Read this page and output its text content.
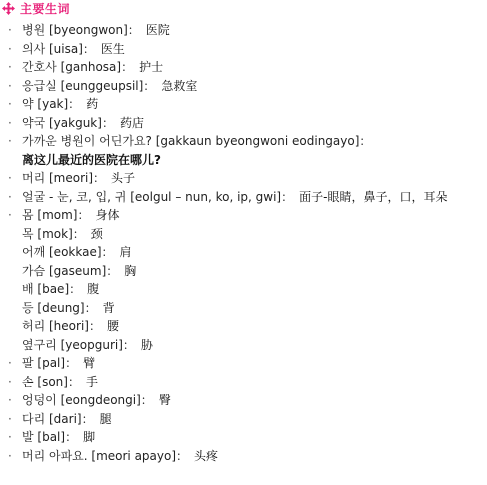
主要生词
· 병원 [byeongwon]： 医院
· 의사 [uisa]： 医生
· 간호사 [ganhosa]： 护士
· 응급실 [eunggeupsil]： 急救室
· 약 [yak]： 药
· 약국 [yakguk]： 药店
· 가까운 병원이 어딘가요? [gakkaun byeongwoni eodingayo]：
离这儿最近的医院在哪儿?
· 머리 [meori]： 头子
· 얼굴 - 눈, 코, 입, 귀 [eolgul – nun, ko, ip, gwi]： 面子-眼睛，鼻子，口，耳朵
· 몸 [mom]： 身体
목 [mok]： 颈
어깨 [eokkae]： 肩
가슴 [gaseum]： 胸
배 [bae]： 腹
등 [deung]： 背
허리 [heori]： 腰
옆구리 [yeopguri]： 胁
· 팔 [pal]： 臂
· 손 [son]： 手
· 엉덩이 [eongdeongi]： 臀
· 다리 [dari]： 腿
· 발 [bal]： 脚
· 머리 아파요. [meori apayo]： 头疼
